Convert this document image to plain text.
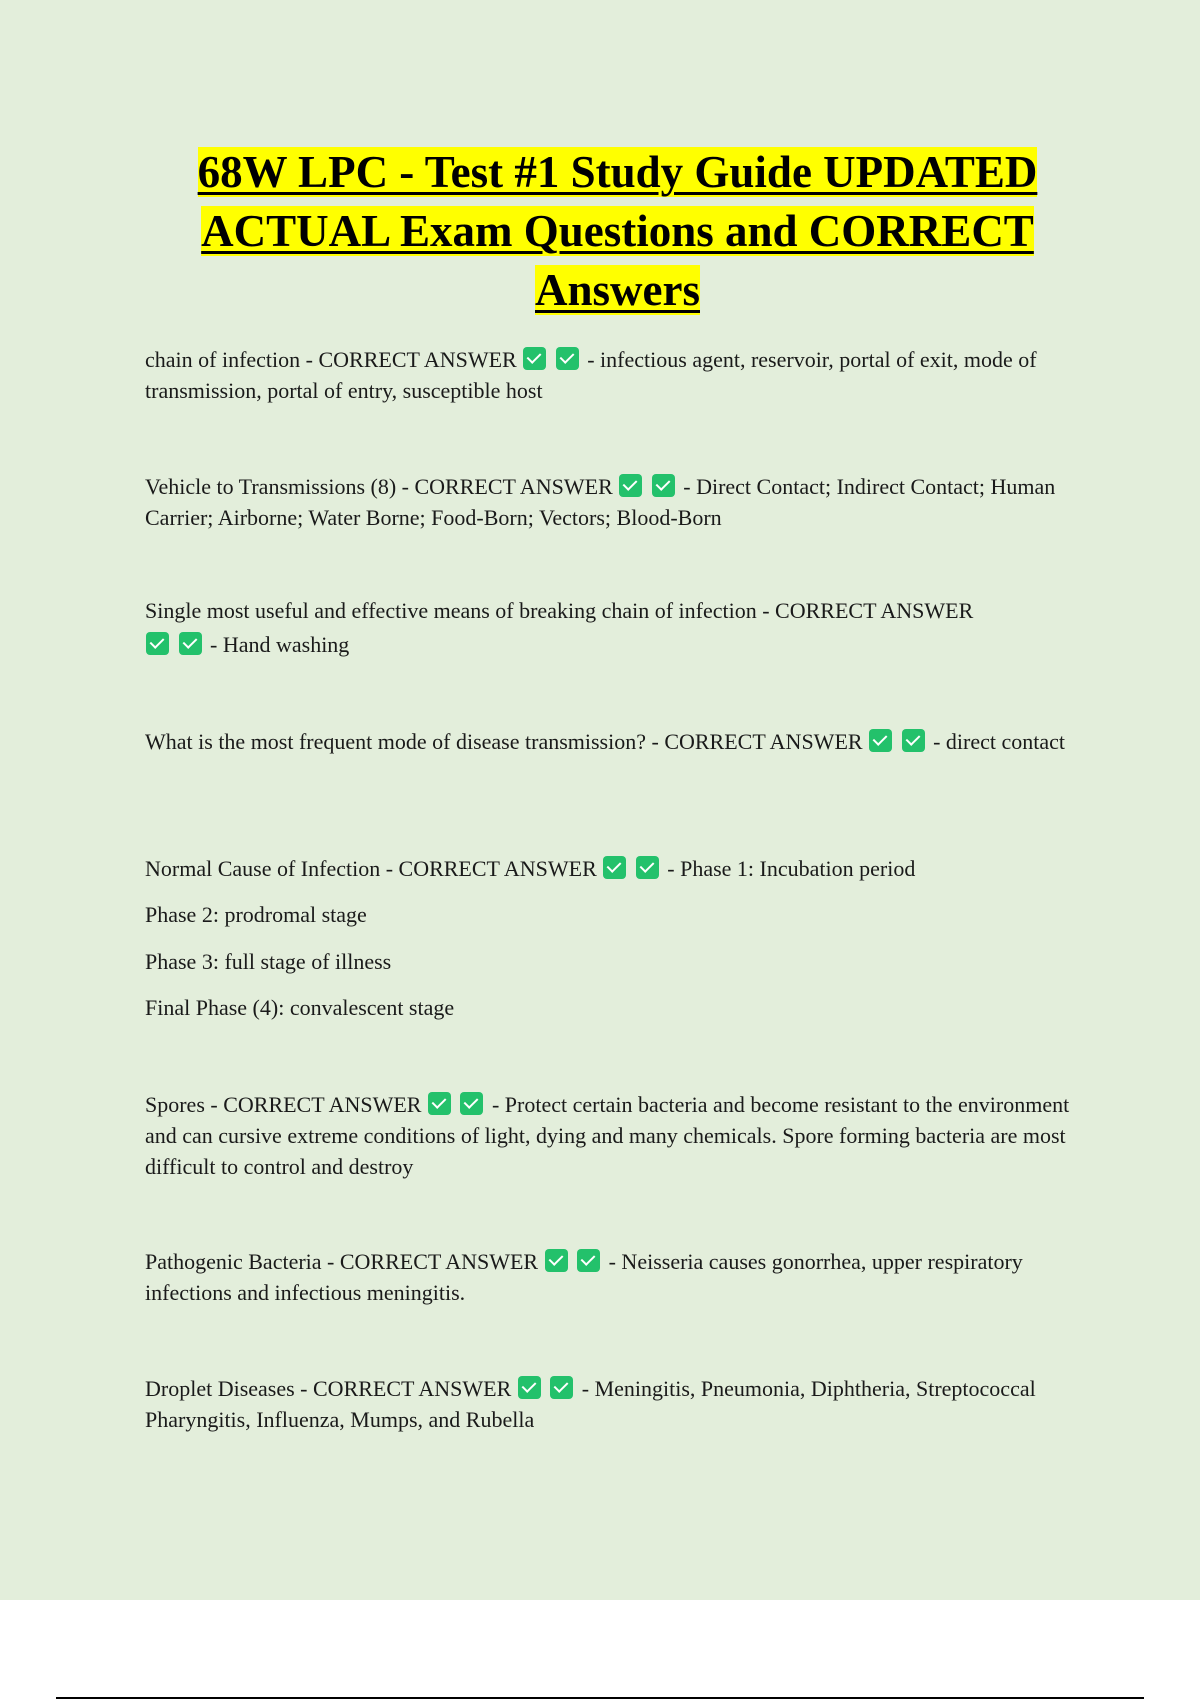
68W LPC - Test #1 Study Guide UPDATED ACTUAL Exam Questions and CORRECT Answers

chain of infection - CORRECT ANSWER	- infectious agent, reservoir, portal of exit, mode of transmission, portal of entry, susceptible host

Vehicle to Transmissions (8) - CORRECT ANSWER	- Direct Contact; Indirect Contact; Human Carrier; Airborne; Water Borne; Food-Born; Vectors; Blood-Born

Single most useful and effective means of breaking chain of infection - CORRECT ANSWER   - Hand washing

What is the most frequent mode of disease transmission? - CORRECT ANSWER	- direct contact

Normal Cause of Infection - CORRECT ANSWER	- Phase 1: Incubation period

Phase 2: prodromal stage

Phase 3: full stage of illness

Final Phase (4): convalescent stage

Spores - CORRECT ANSWER	- Protect certain bacteria and become resistant to the environment and can cursive extreme conditions of light, dying and many chemicals. Spore forming bacteria are most difficult to control and destroy

Pathogenic Bacteria - CORRECT ANSWER	- Neisseria causes gonorrhea, upper respiratory infections and infectious meningitis.

Droplet Diseases - CORRECT ANSWER	- Meningitis, Pneumonia, Diphtheria, Streptococcal Pharyngitis, Influenza, Mumps, and Rubella
